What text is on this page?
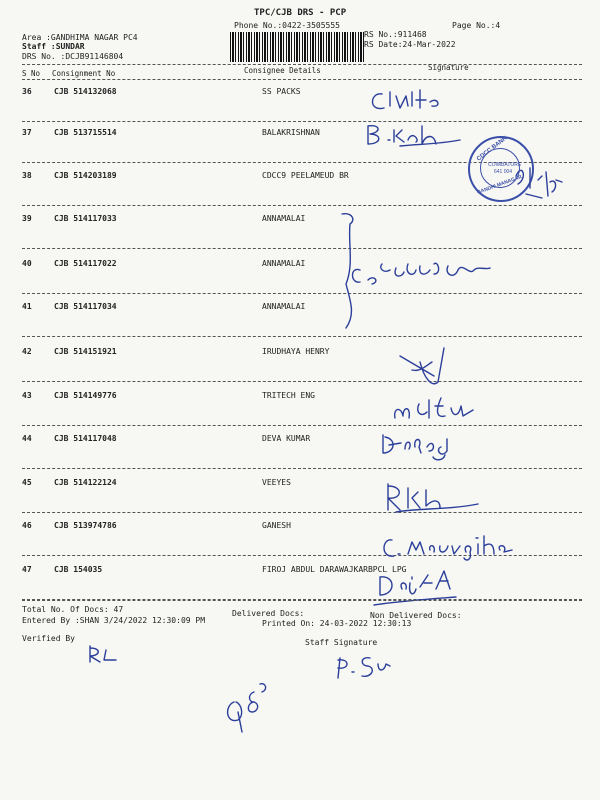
TPC/CJB DRS - PCP
Phone No.:0422-3505555	Page No.:4
Area :GANDHIMA NAGAR PC4
Staff :SUNDAR
DRS No. :DCJB91146804
RS No.:911468
RS Date:24-Mar-2022
S No Consignment No	Consignee Details	Signature
36	CJB 514132068	SS PACKS
37	CJB 513715514	BALAKRISHNAN
38	CJB 514203189	CDCC9 PEELAMEUD BR
39	CJB 514117033	ANNAMALAI
40	CJB 514117022	ANNAMALAI
41	CJB 514117034	ANNAMALAI
42	CJB 514151921	IRUDHAYA HENRY
43	CJB 514149776	TRITECH ENG
44	CJB 514117048	DEVA KUMAR
45	CJB 514122124	VEEYES
46	CJB 513974786	GANESH
47	CJB 154035	FIROJ ABDUL DARAWAJKARBPCL LPG
CDCC BANK
COIMBATORE
641 004
GANDHI MANAGAR
Total No. Of Docs: 47	Delivered Docs:	Non Delivered Docs:
Entered By :SHAN 3/24/2022 12:30:09 PM	Printed On: 24-03-2022 12:30:13
Verified By	Staff Signature
